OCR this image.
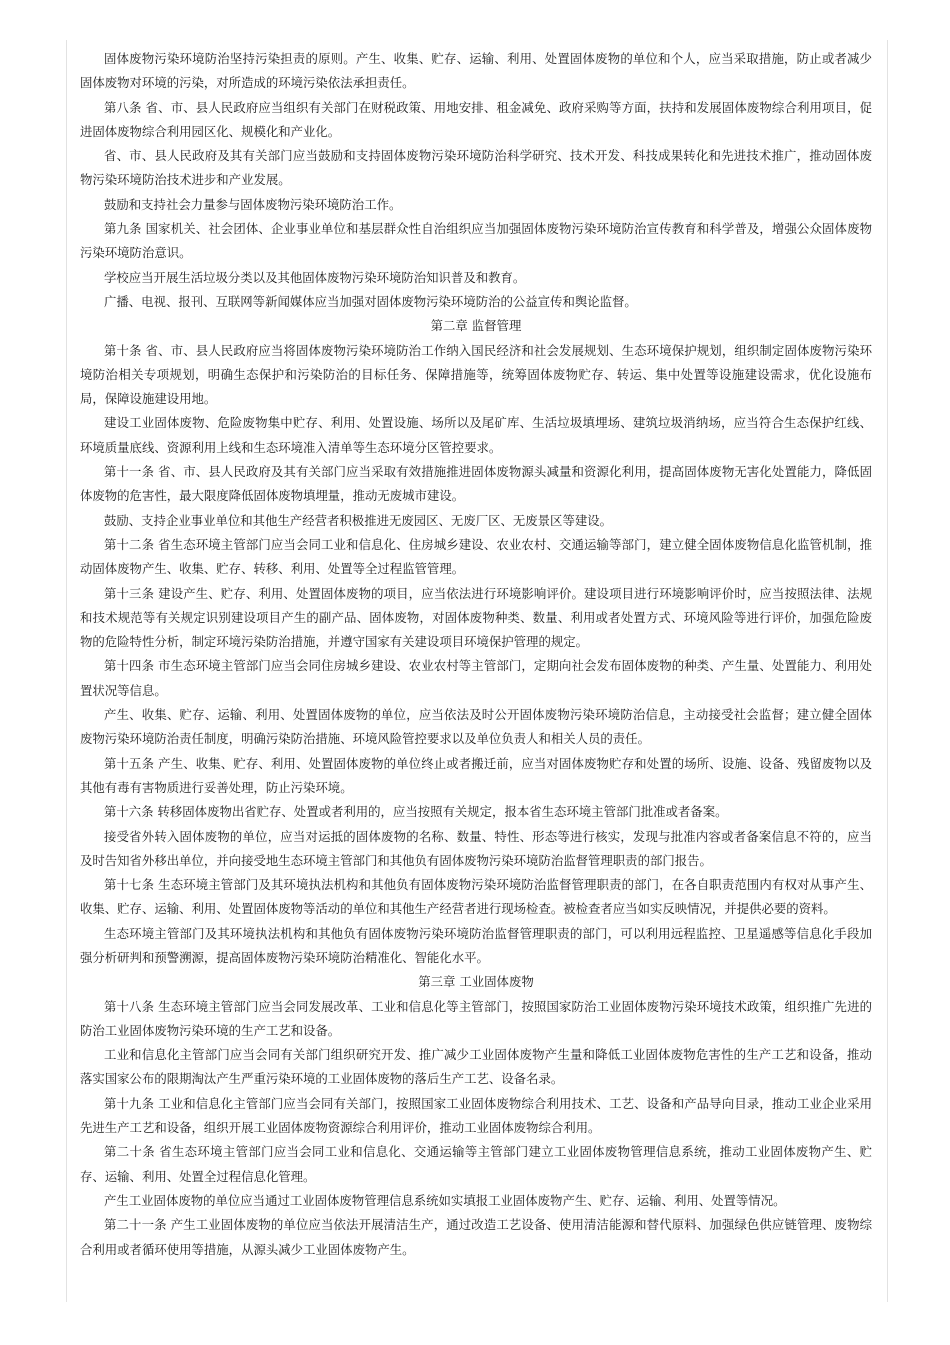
固体废物污染环境防治坚持污染担责的原则。产生、收集、贮存、运输、利用、处置固体废物的单位和个人，应当采取措施，防止或者减少固体废物对环境的污染，对所造成的环境污染依法承担责任。

第八条 省、市、县人民政府应当组织有关部门在财税政策、用地安排、租金减免、政府采购等方面，扶持和发展固体废物综合利用项目，促进固体废物综合利用园区化、规模化和产业化。

省、市、县人民政府及其有关部门应当鼓励和支持固体废物污染环境防治科学研究、技术开发、科技成果转化和先进技术推广，推动固体废物污染环境防治技术进步和产业发展。

鼓励和支持社会力量参与固体废物污染环境防治工作。

第九条 国家机关、社会团体、企业事业单位和基层群众性自治组织应当加强固体废物污染环境防治宣传教育和科学普及，增强公众固体废物污染环境防治意识。

学校应当开展生活垃圾分类以及其他固体废物污染环境防治知识普及和教育。

广播、电视、报刊、互联网等新闻媒体应当加强对固体废物污染环境防治的公益宣传和舆论监督。

第二章 监督管理

第十条 省、市、县人民政府应当将固体废物污染环境防治工作纳入国民经济和社会发展规划、生态环境保护规划，组织制定固体废物污染环境防治相关专项规划，明确生态保护和污染防治的目标任务、保障措施等，统筹固体废物贮存、转运、集中处置等设施建设需求，优化设施布局，保障设施建设用地。

建设工业固体废物、危险废物集中贮存、利用、处置设施、场所以及尾矿库、生活垃圾填埋场、建筑垃圾消纳场，应当符合生态保护红线、环境质量底线、资源利用上线和生态环境准入清单等生态环境分区管控要求。

第十一条 省、市、县人民政府及其有关部门应当采取有效措施推进固体废物源头减量和资源化利用，提高固体废物无害化处置能力，降低固体废物的危害性，最大限度降低固体废物填埋量，推动无废城市建设。

鼓励、支持企业事业单位和其他生产经营者积极推进无废园区、无废厂区、无废景区等建设。

第十二条 省生态环境主管部门应当会同工业和信息化、住房城乡建设、农业农村、交通运输等部门，建立健全固体废物信息化监管机制，推动固体废物产生、收集、贮存、转移、利用、处置等全过程监管管理。

第十三条 建设产生、贮存、利用、处置固体废物的项目，应当依法进行环境影响评价。建设项目进行环境影响评价时，应当按照法律、法规和技术规范等有关规定识别建设项目产生的副产品、固体废物，对固体废物种类、数量、利用或者处置方式、环境风险等进行评价，加强危险废物的危险特性分析，制定环境污染防治措施，并遵守国家有关建设项目环境保护管理的规定。

第十四条 市生态环境主管部门应当会同住房城乡建设、农业农村等主管部门，定期向社会发布固体废物的种类、产生量、处置能力、利用处置状况等信息。

产生、收集、贮存、运输、利用、处置固体废物的单位，应当依法及时公开固体废物污染环境防治信息，主动接受社会监督；建立健全固体废物污染环境防治责任制度，明确污染防治措施、环境风险管控要求以及单位负责人和相关人员的责任。

第十五条 产生、收集、贮存、利用、处置固体废物的单位终止或者搬迁前，应当对固体废物贮存和处置的场所、设施、设备、残留废物以及其他有毒有害物质进行妥善处理，防止污染环境。

第十六条 转移固体废物出省贮存、处置或者利用的，应当按照有关规定，报本省生态环境主管部门批准或者备案。

接受省外转入固体废物的单位，应当对运抵的固体废物的名称、数量、特性、形态等进行核实，发现与批准内容或者备案信息不符的，应当及时告知省外移出单位，并向接受地生态环境主管部门和其他负有固体废物污染环境防治监督管理职责的部门报告。

第十七条 生态环境主管部门及其环境执法机构和其他负有固体废物污染环境防治监督管理职责的部门，在各自职责范围内有权对从事产生、收集、贮存、运输、利用、处置固体废物等活动的单位和其他生产经营者进行现场检查。被检查者应当如实反映情况，并提供必要的资料。

生态环境主管部门及其环境执法机构和其他负有固体废物污染环境防治监督管理职责的部门，可以利用远程监控、卫星遥感等信息化手段加强分析研判和预警溯源，提高固体废物污染环境防治精准化、智能化水平。

第三章 工业固体废物

第十八条 生态环境主管部门应当会同发展改革、工业和信息化等主管部门，按照国家防治工业固体废物污染环境技术政策，组织推广先进的防治工业固体废物污染环境的生产工艺和设备。

工业和信息化主管部门应当会同有关部门组织研究开发、推广减少工业固体废物产生量和降低工业固体废物危害性的生产工艺和设备，推动落实国家公布的限期淘汰产生严重污染环境的工业固体废物的落后生产工艺、设备名录。

第十九条 工业和信息化主管部门应当会同有关部门，按照国家工业固体废物综合利用技术、工艺、设备和产品导向目录，推动工业企业采用先进生产工艺和设备，组织开展工业固体废物资源综合利用评价，推动工业固体废物综合利用。

第二十条 省生态环境主管部门应当会同工业和信息化、交通运输等主管部门建立工业固体废物管理信息系统，推动工业固体废物产生、贮存、运输、利用、处置全过程信息化管理。

产生工业固体废物的单位应当通过工业固体废物管理信息系统如实填报工业固体废物产生、贮存、运输、利用、处置等情况。

第二十一条 产生工业固体废物的单位应当依法开展清洁生产，通过改造工艺设备、使用清洁能源和替代原料、加强绿色供应链管理、废物综合利用或者循环使用等措施，从源头减少工业固体废物产生。
